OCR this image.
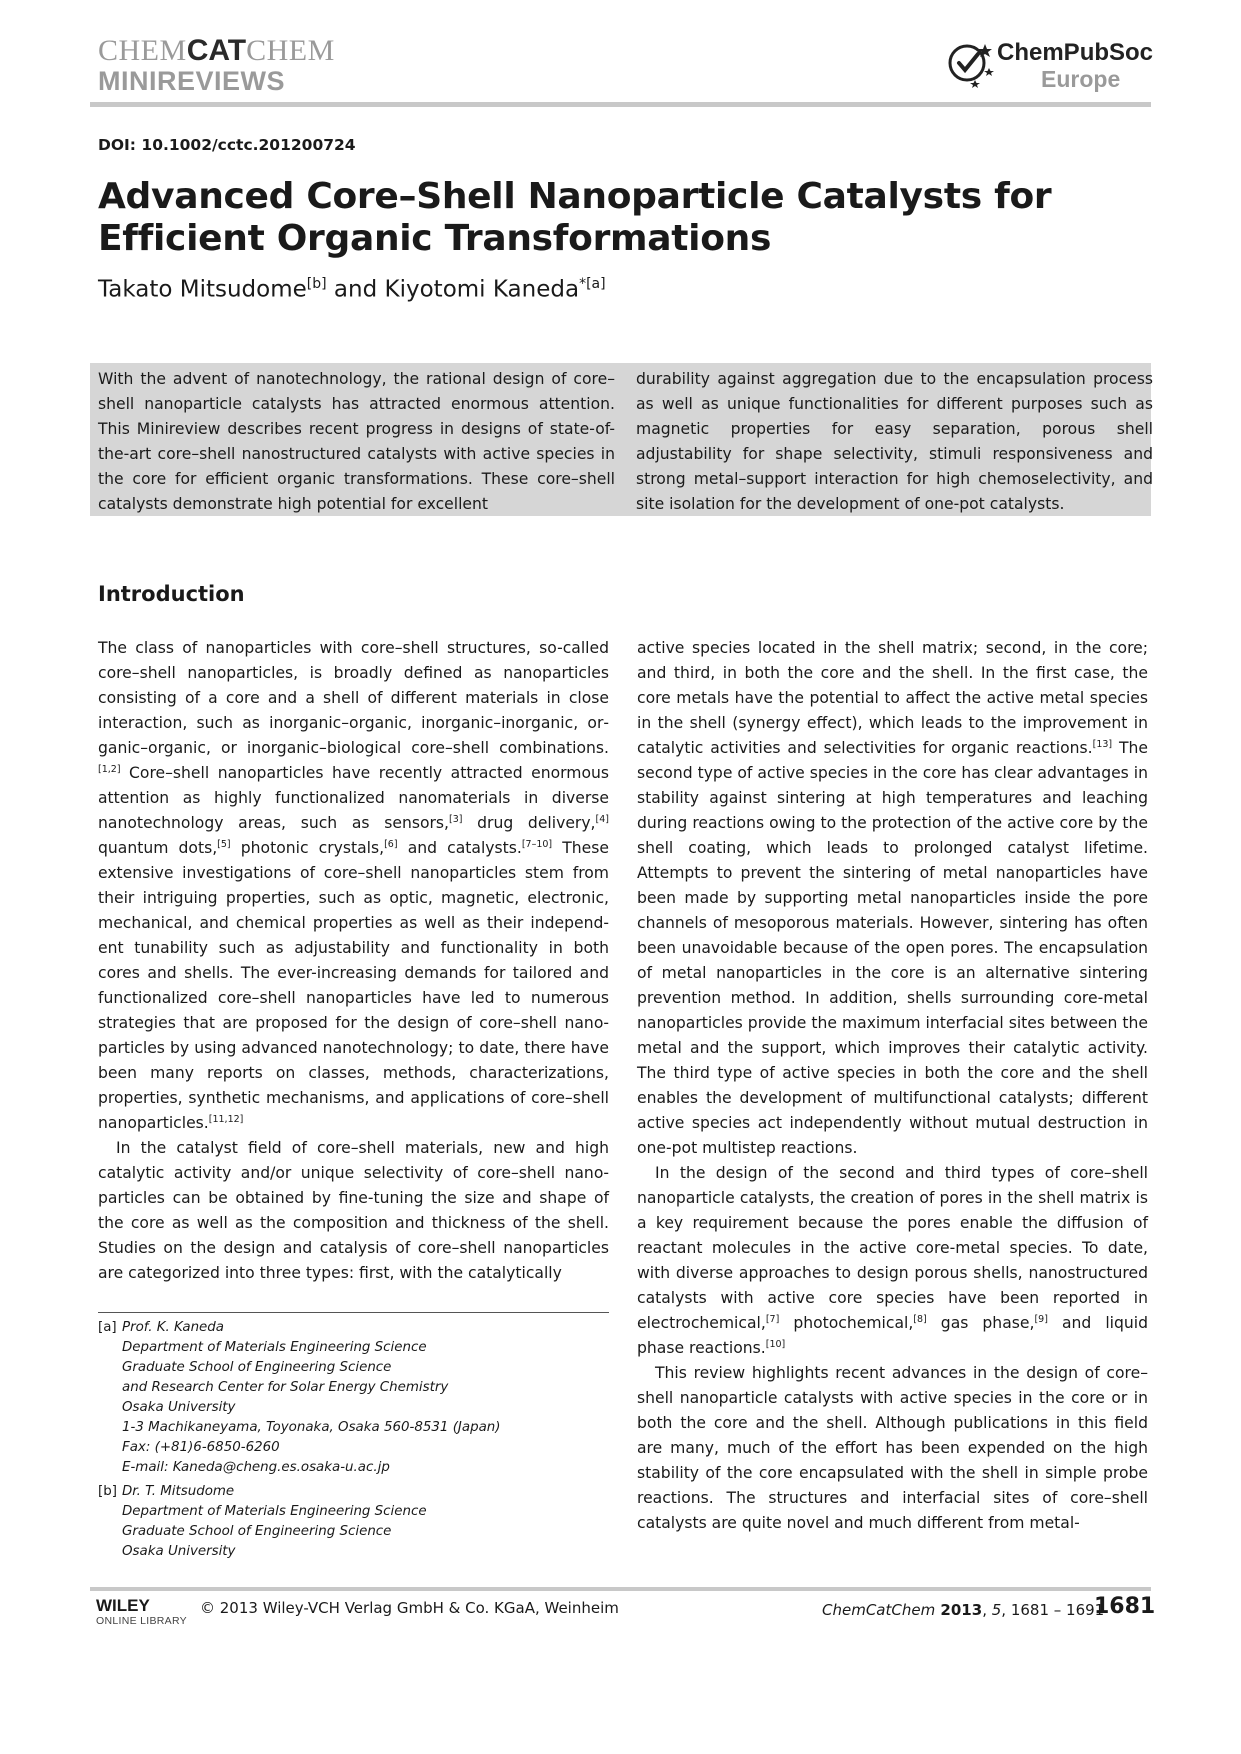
CHEMCATCHEM
MINIREVIEWS
ChemPubSoc
Europe
DOI: 10.1002/cctc.201200724
Advanced Core–Shell Nanoparticle Catalysts for Efficient Organic Transformations
Takato Mitsudome[b] and Kiyotomi Kaneda$^{*[a]}$
With the advent of nanotechnology, the rational design of core–shell nanoparticle catalysts has attracted enormous attention. This Minireview describes recent progress in designs of state-of-the-art core–shell nanostructured catalysts with active species in the core for efficient organic transformations. These core–shell catalysts demonstrate high potential for excellent
durability against aggregation due to the encapsulation process as well as unique functionalities for different purposes such as magnetic properties for easy separation, porous shell adjustability for shape selectivity, stimuli responsiveness and strong metal–support interaction for high chemoselectivity, and site isolation for the development of one-pot catalysts.
Introduction

The class of nanoparticles with core–shell structures, so-called core–shell nanoparticles, is broadly defined as nanoparticles consisting of a core and a shell of different materials in close interaction, such as inorganic–organic, inorganic–inorganic, organic–organic, or inorganic–biological core–shell combinations.[1,2] Core–shell nanoparticles have recently attracted enormous attention as highly functionalized nanomaterials in diverse nanotechnology areas, such as sensors,[3] drug delivery,[4] quantum dots,[5] photonic crystals,[6] and catalysts.[7–10] These extensive investigations of core–shell nanoparticles stem from their intriguing properties, such as optic, magnetic, electronic, mechanical, and chemical properties as well as their independent tunability such as adjustability and functionality in both cores and shells. The ever-increasing demands for tailored and functionalized core–shell nanoparticles have led to numerous strategies that are proposed for the design of core–shell nanoparticles by using advanced nanotechnology; to date, there have been many reports on classes, methods, characterizations, properties, synthetic mechanisms, and applications of core–shell nanoparticles.[11,12]

In the catalyst field of core–shell materials, new and high catalytic activity and/or unique selectivity of core–shell nanoparticles can be obtained by fine-tuning the size and shape of the core as well as the composition and thickness of the shell. Studies on the design and catalysis of core–shell nanoparticles are categorized into three types: first, with the catalytically

active species located in the shell matrix; second, in the core; and third, in both the core and the shell. In the first case, the core metals have the potential to affect the active metal species in the shell (synergy effect), which leads to the improvement in catalytic activities and selectivities for organic reactions.[13] The second type of active species in the core has clear advantages in stability against sintering at high temperatures and leaching during reactions owing to the protection of the active core by the shell coating, which leads to prolonged catalyst lifetime. Attempts to prevent the sintering of metal nanoparticles have been made by supporting metal nanoparticles inside the pore channels of mesoporous materials. However, sintering has often been unavoidable because of the open pores. The encapsulation of metal nanoparticles in the core is an alternative sintering prevention method. In addition, shells surrounding core-metal nanoparticles provide the maximum interfacial sites between the metal and the support, which improves their catalytic activity. The third type of active species in both the core and the shell enables the development of multifunctional catalysts; different active species act independently without mutual destruction in one-pot multistep reactions.

In the design of the second and third types of core–shell nanoparticle catalysts, the creation of pores in the shell matrix is a key requirement because the pores enable the diffusion of reactant molecules in the active core-metal species. To date, with diverse approaches to design porous shells, nanostructured catalysts with active core species have been reported in electrochemical,[7] photochemical,[8] gas phase,[9] and liquid phase reactions.[10]

This review highlights recent advances in the design of core–shell nanoparticle catalysts with active species in the core or in both the core and the shell. Although publications in this field are many, much of the effort has been expended on the high stability of the core encapsulated with the shell in simple probe reactions. The structures and interfacial sites of core–shell catalysts are quite novel and much different from metal-

[a] Prof. K. Kaneda
Department of Materials Engineering Science
Graduate School of Engineering Science
and Research Center for Solar Energy Chemistry
Osaka University
1-3 Machikaneyama, Toyonaka, Osaka 560-8531 (Japan)
Fax: (+81)6-6850-6260
E-mail: Kaneda@cheng.es.osaka-u.ac.jp
[b] Dr. T. Mitsudome
Department of Materials Engineering Science
Graduate School of Engineering Science
Osaka University
WILEY
ONLINE LIBRARY
© 2013 Wiley-VCH Verlag GmbH & Co. KGaA, Weinheim	ChemCatChem 2013, 5, 1681 – 1691
1681
